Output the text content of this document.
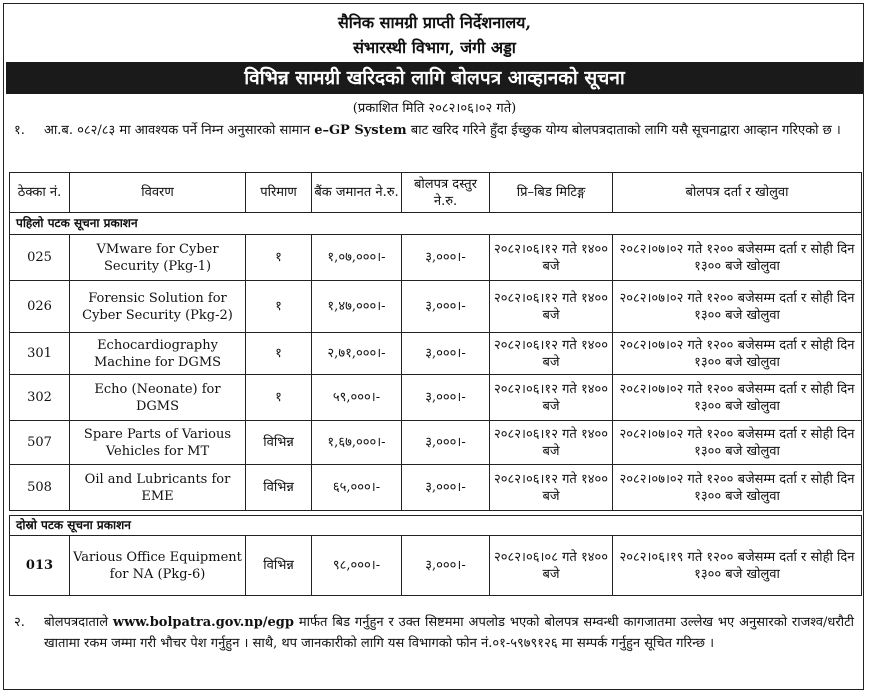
सैनिक सामग्री प्राप्ती निर्देशनालय,
संभारस्थी विभाग, जंगी अड्डा
विभिन्न सामग्री खरिदको लागि बोलपत्र आव्हानको सूचना
(प्रकाशित मिति २०८२।०६।०२ गते)
१. आ.ब. ०८२/८३ मा आवश्यक पर्ने निम्न अनुसारको सामान e–GP System बाट खरिद गरिने हुँदा ईच्छुक योग्य बोलपत्रदाताको लागि यसै सूचनाद्वारा आव्हान गरिएको छ ।
ठेक्का नं.	विवरण	परिमाण	बैंक जमानत ने.रु.	बोलपत्र दस्तुर ने.रु.	प्रि–बिड मिटिङ्ग	बोलपत्र दर्ता र खोलुवा
पहिलो पटक सूचना प्रकाशन						
025	VMware for Cyber Security (Pkg-1)	१	१,०७,०००।-	३,०००।-	२०८२।०६।१२ गते १४०० बजे	२०८२।०७।०२ गते १२०० बजेसम्म दर्ता र सोही दिन १३०० बजे खोलुवा
026	Forensic Solution for Cyber Security (Pkg-2)	१	१,४७,०००।-	३,०००।-	२०८२।०६।१२ गते १४०० बजे	२०८२।०७।०२ गते १२०० बजेसम्म दर्ता र सोही दिन १३०० बजे खोलुवा
301	Echocardiography Machine for DGMS	१	२,७१,०००।-	३,०००।-	२०८२।०६।१२ गते १४०० बजे	२०८२।०७।०२ गते १२०० बजेसम्म दर्ता र सोही दिन १३०० बजे खोलुवा
302	Echo (Neonate) for DGMS	१	५९,०००।-	३,०००।-	२०८२।०६।१२ गते १४०० बजे	२०८२।०७।०२ गते १२०० बजेसम्म दर्ता र सोही दिन १३०० बजे खोलुवा
507	Spare Parts of Various Vehicles for MT	विभिन्न	१,६७,०००।-	३,०००।-	२०८२।०६।१२ गते १४०० बजे	२०८२।०७।०२ गते १२०० बजेसम्म दर्ता र सोही दिन १३०० बजे खोलुवा
508	Oil and Lubricants for EME	विभिन्न	६५,०००।-	३,०००।-	२०८२।०६।१२ गते १४०० बजे	२०८२।०७।०२ गते १२०० बजेसम्म दर्ता र सोही दिन १३०० बजे खोलुवा

दोस्रो पटक सूचना प्रकाशन						
013	Various Office Equipment for NA (Pkg-6)	विभिन्न	९८,०००।-	३,०००।-	२०८२।०६।०८ गते १४०० बजे	२०८२।०६।१९ गते १२०० बजेसम्म दर्ता र सोही दिन १३०० बजे खोलुवा
२. बोलपत्रदाताले www.bolpatra.gov.np/egp मार्फत बिड गर्नुहुन र उक्त सिष्टममा अपलोड भएको बोलपत्र सम्वन्धी कागजातमा उल्लेख भए अनुसारको राजश्व/धरौटी खातामा रकम जम्मा गरी भौचर पेश गर्नुहुन । साथै, थप जानकारीको लागि यस विभागको फोन नं.०१-५९७९१२६ मा सम्पर्क गर्नुहुन सूचित गरिन्छ ।
